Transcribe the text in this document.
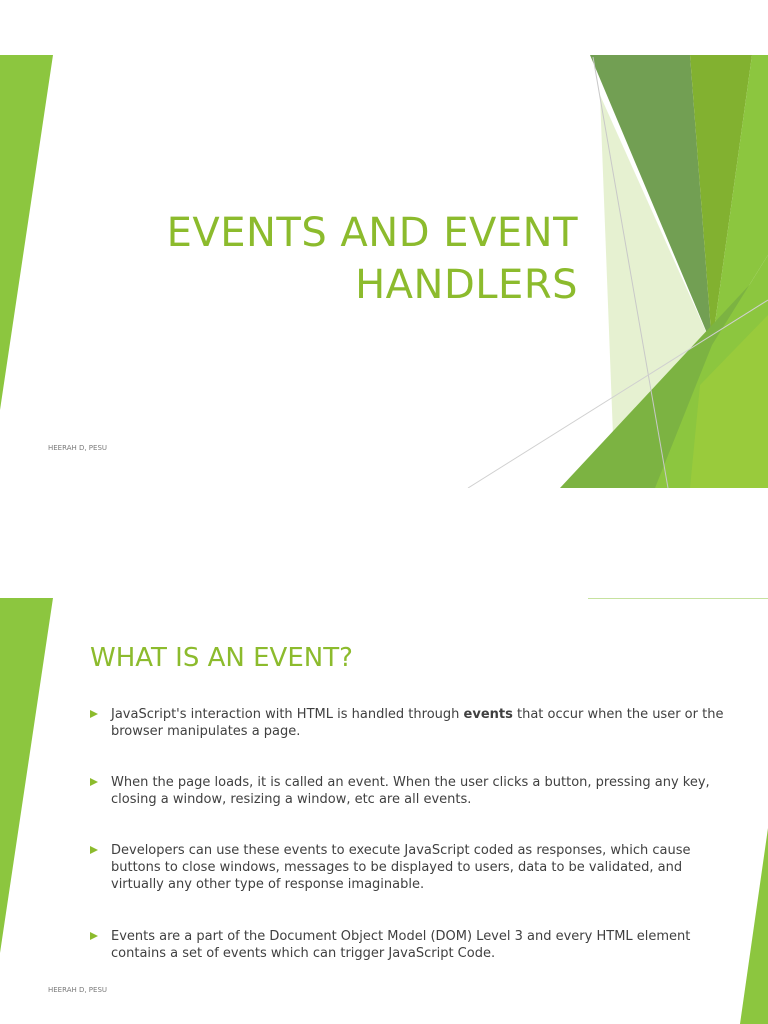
EVENTS AND EVENT
HANDLERS
HEERAH D, PESU
WHAT IS AN EVENT?
JavaScript's interaction with HTML is handled through events that occur when the user or the browser manipulates a page.
When the page loads, it is called an event. When the user clicks a button, pressing any key, closing a window, resizing a window, etc are all events.
Developers can use these events to execute JavaScript coded as responses, which cause buttons to close windows, messages to be displayed to users, data to be validated, and virtually any other type of response imaginable.
Events are a part of the Document Object Model (DOM) Level 3 and every HTML element contains a set of events which can trigger JavaScript Code.
HEERAH D, PESU
